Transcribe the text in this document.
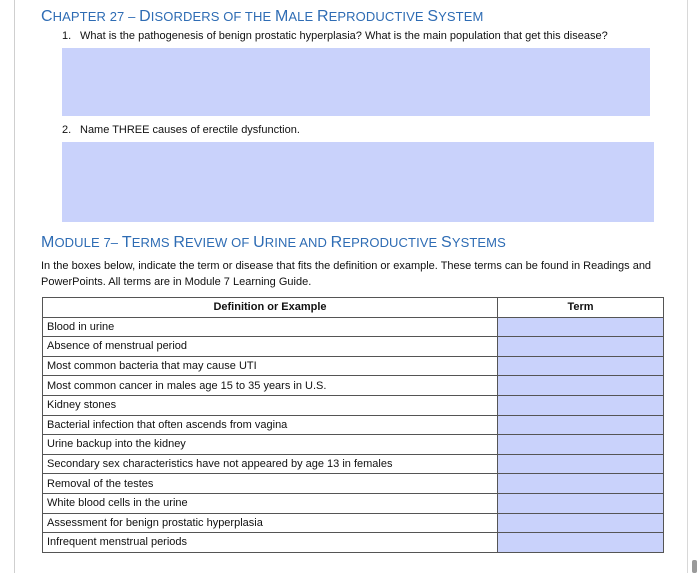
CHAPTER 27 – DISORDERS OF THE MALE REPRODUCTIVE SYSTEM
1. What is the pathogenesis of benign prostatic hyperplasia? What is the main population that get this disease?
2. Name THREE causes of erectile dysfunction.
MODULE 7– TERMS REVIEW OF URINE AND REPRODUCTIVE SYSTEMS
In the boxes below, indicate the term or disease that fits the definition or example. These terms can be found in Readings and PowerPoints. All terms are in Module 7 Learning Guide.
Definition or Example	Term
Blood in urine	
Absence of menstrual period	
Most common bacteria that may cause UTI	
Most common cancer in males age 15 to 35 years in U.S.	
Kidney stones	
Bacterial infection that often ascends from vagina	
Urine backup into the kidney	
Secondary sex characteristics have not appeared by age 13 in females	
Removal of the testes	
White blood cells in the urine	
Assessment for benign prostatic hyperplasia	
Infrequent menstrual periods	
